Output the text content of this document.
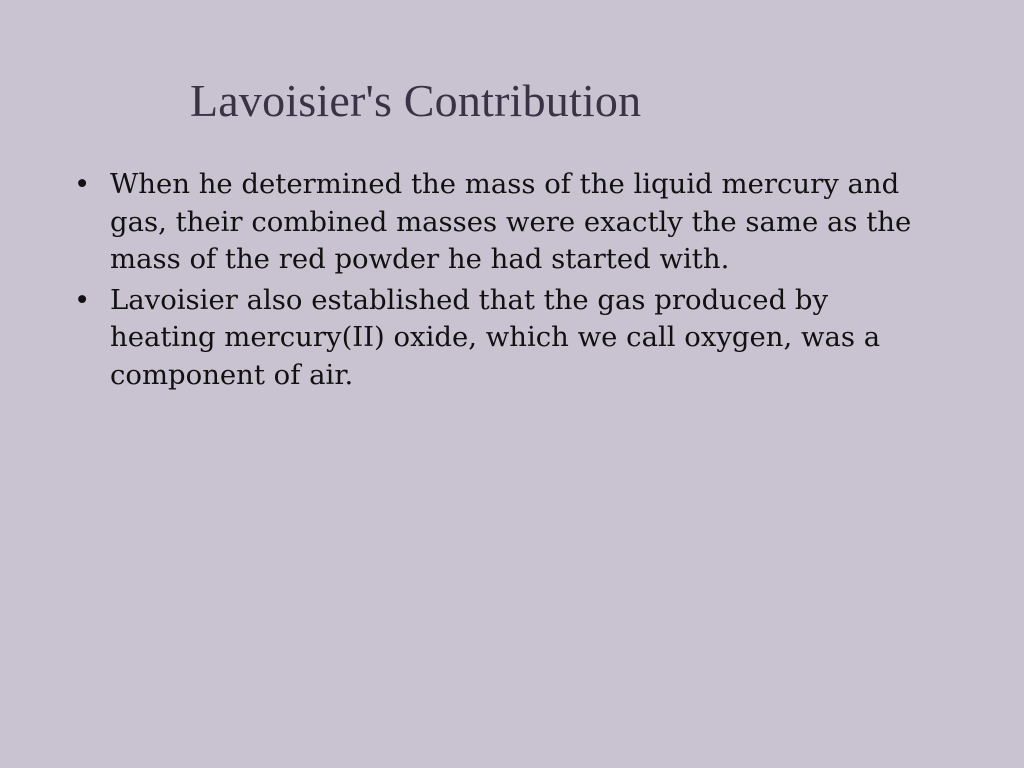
Lavoisier's Contribution
• When he determined the mass of the liquid mercury and gas, their combined masses were exactly the same as the mass of the red powder he had started with.
• Lavoisier also established that the gas produced by heating mercury(II) oxide, which we call oxygen, was a component of air.
